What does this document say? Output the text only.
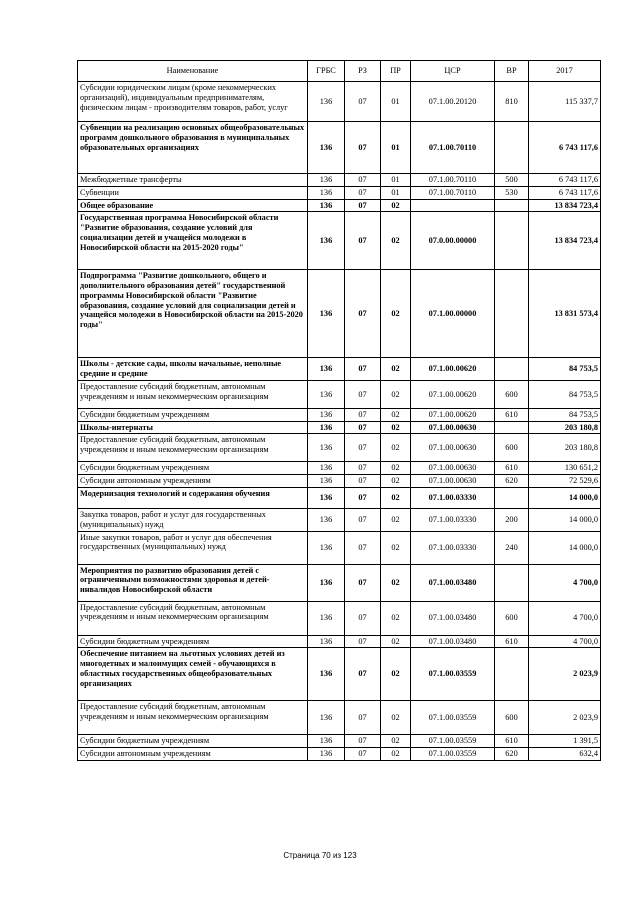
Наименование	ГРБС	РЗ	ПР	ЦСР	ВР	2017
Субсидии юридическим лицам (кроме некоммерческих организаций), индивидуальным предпринимателям, физическим лицам - производителям товаров, работ, услуг	136	07	01	07.1.00.20120	810	115 337,7
Субвенции на реализацию основных общеобразовательных программ дошкольного образования в муниципальных образовательных организациях	136	07	01	07.1.00.70110		6 743 117,6
Межбюджетные трансферты	136	07	01	07.1.00.70110	500	6 743 117,6
Субвенции	136	07	01	07.1.00.70110	530	6 743 117,6
Общее образование	136	07	02			13 834 723,4
Государственная программа Новосибирской области "Развитие образования, создание условий для социализации детей и учащейся молодежи в Новосибирской области на 2015-2020 годы"	136	07	02	07.0.00.00000		13 834 723,4
Подпрограмма "Развитие дошкольного, общего и дополнительного образования детей" государственной программы Новосибирской области "Развитие образования, создание условий для социализации детей и учащейся молодежи в Новосибирской области на 2015-2020 годы"	136	07	02	07.1.00.00000		13 831 573,4
Школы - детские сады, школы начальные, неполные средние и средние	136	07	02	07.1.00.00620		84 753,5
Предоставление субсидий бюджетным, автономным учреждениям и иным некоммерческим организациям	136	07	02	07.1.00.00620	600	84 753,5
Субсидии бюджетным учреждениям	136	07	02	07.1.00.00620	610	84 753,5
Школы-интернаты	136	07	02	07.1.00.00630		203 180,8
Предоставление субсидий бюджетным, автономным учреждениям и иным некоммерческим организациям	136	07	02	07.1.00.00630	600	203 180,8
Субсидии бюджетным учреждениям	136	07	02	07.1.00.00630	610	130 651,2
Субсидии автономным учреждениям	136	07	02	07.1.00.00630	620	72 529,6
Модернизация технологий и содержания обучения	136	07	02	07.1.00.03330		14 000,0
Закупка товаров, работ и услуг для государственных (муниципальных) нужд	136	07	02	07.1.00.03330	200	14 000,0
Иные закупки товаров, работ и услуг для обеспечения государственных (муниципальных) нужд	136	07	02	07.1.00.03330	240	14 000,0
Мероприятия по развитию образования детей с ограниченными возможностями здоровья и детей-инвалидов Новосибирской области	136	07	02	07.1.00.03480		4 700,0
Предоставление субсидий бюджетным, автономным учреждениям и иным некоммерческим организациям	136	07	02	07.1.00.03480	600	4 700,0
Субсидии бюджетным учреждениям	136	07	02	07.1.00.03480	610	4 700,0
Обеспечение питанием на льготных условиях детей из многодетных и малоимущих семей - обучающихся в областных государственных общеобразовательных организациях	136	07	02	07.1.00.03559		2 023,9
Предоставление субсидий бюджетным, автономным учреждениям и иным некоммерческим организациям	136	07	02	07.1.00.03559	600	2 023,9
Субсидии бюджетным учреждениям	136	07	02	07.1.00.03559	610	1 391,5
Субсидии автономным учреждениям	136	07	02	07.1.00.03559	620	632,4
Страница 70 из 123
